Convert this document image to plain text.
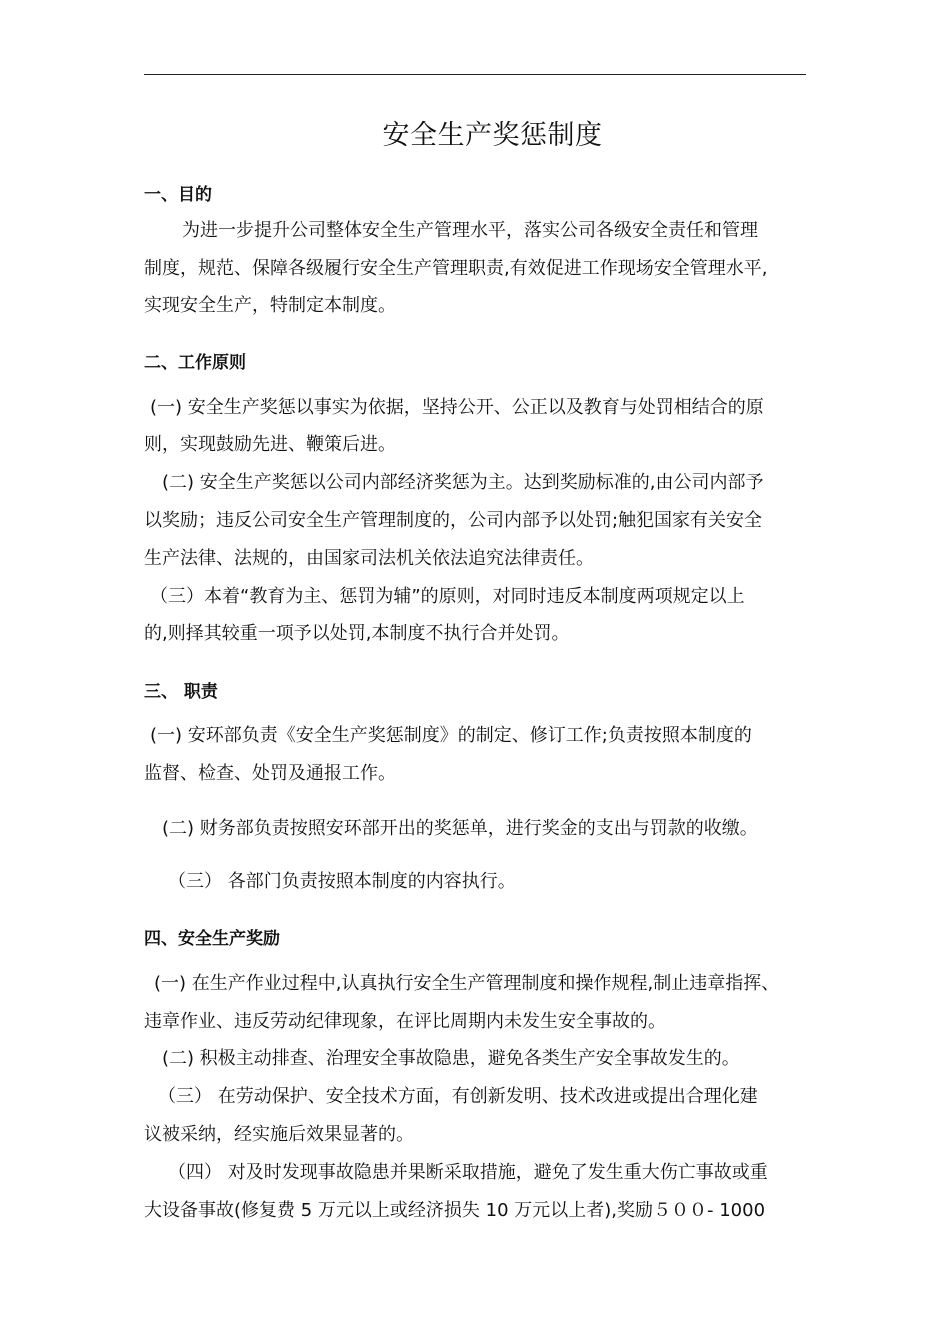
安全生产奖惩制度
一、目的
为进一步提升公司整体安全生产管理水平，落实公司各级安全责任和管理
制度，规范、保障各级履行安全生产管理职责,有效促进工作现场安全管理水平,
实现安全生产，特制定本制度。
二、工作原则
(一) 安全生产奖惩以事实为依据，坚持公开、公正以及教育与处罚相结合的原
则，实现鼓励先进、鞭策后进。
(二) 安全生产奖惩以公司内部经济奖惩为主。达到奖励标准的,由公司内部予
以奖励；违反公司安全生产管理制度的，公司内部予以处罚;触犯国家有关安全
生产法律、法规的，由国家司法机关依法追究法律责任。
（三）本着“教育为主、惩罚为辅”的原则，对同时违反本制度两项规定以上
的,则择其较重一项予以处罚,本制度不执行合并处罚。
三、 职责
(一) 安环部负责《安全生产奖惩制度》的制定、修订工作;负责按照本制度的
监督、检查、处罚及通报工作。
(二) 财务部负责按照安环部开出的奖惩单，进行奖金的支出与罚款的收缴。
（三） 各部门负责按照本制度的内容执行。
四、安全生产奖励
(一) 在生产作业过程中,认真执行安全生产管理制度和操作规程,制止违章指挥、
违章作业、违反劳动纪律现象，在评比周期内未发生安全事故的。
(二) 积极主动排查、治理安全事故隐患，避免各类生产安全事故发生的。
（三） 在劳动保护、安全技术方面，有创新发明、技术改进或提出合理化建
议被采纳，经实施后效果显著的。
（四） 对及时发现事故隐患并果断采取措施，避免了发生重大伤亡事故或重
大设备事故(修复费 5 万元以上或经济损失 10 万元以上者),奖励５００- 1000
